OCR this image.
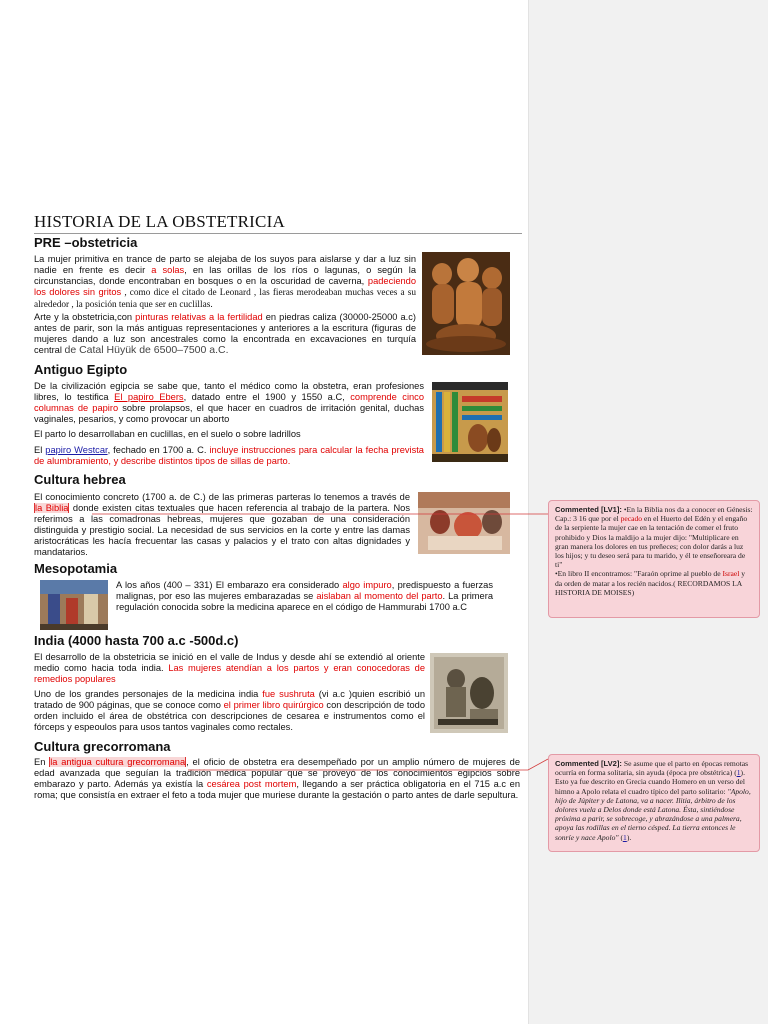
HISTORIA DE LA OBSTETRICIA
PRE –obstetricia

La mujer primitiva en trance de parto se alejaba de los suyos para aislarse y dar a luz sin nadie en frente es decir a solas, en las orillas de los ríos o lagunas, o según la circunstancias, donde encontraban en bosques o en la oscuridad de caverna, padeciendo los dolores sin gritos , como dice el citado de Leonard , las fieras merodeaban muchas veces a su alrededor , la posición tenia que ser en cuclillas.

Arte y la obstetricia,con pinturas relativas a la fertilidad en piedras caliza (30000-25000 a.c) antes de parir, son la más antiguas representaciones y anteriores a la escritura (figuras de mujeres dando a luz son ancestrales como la encontrada en excavaciones en turquía central de Catal Hüyük de 6500–7500 a.C.

Antiguo Egipto

De la civilización egipcia se sabe que, tanto el médico como la obstetra, eran profesiones libres, lo testifica El papiro Ebers, datado entre el 1900 y 1550 a.C, comprende cinco columnas de papiro sobre prolapsos, el que hacer en cuadros de irritación genital, duchas vaginales, pesarios, y como provocar un aborto

El parto lo desarrollaban en cuclillas, en el suelo o sobre ladrillos

El papiro Westcar, fechado en 1700 a. C. incluye instrucciones para calcular la fecha prevista de alumbramiento, y describe distintos tipos de sillas de parto.

Cultura hebrea

El conocimiento concreto (1700 a. de C.) de las primeras parteras lo tenemos a través de la Biblia donde existen citas textuales que hacen referencia al trabajo de la partera. Nos referimos a las comadronas hebreas, mujeres que gozaban de una consideración distinguida y prestigio social. La necesidad de sus servicios en la corte y entre las damas aristocráticas les hacía frecuentar las casas y palacios y el trato con altas dignidades y mandatarios.

Mesopotamia

A los años (400 – 331) El embarazo era considerado algo impuro, predispuesto a fuerzas malignas, por eso las mujeres embarazadas se aislaban al momento del parto. La primera regulación conocida sobre la medicina aparece en el código de Hammurabi 1700 a.C

India (4000 hasta 700 a.c -500d.c)

El desarrollo de la obstetricia se inició en el valle de Indus y desde ahí se extendió al oriente medio como hacia toda india. Las mujeres atendían a los partos y eran conocedoras de remedios populares

Uno de los grandes personajes de la medicina india fue sushruta (vi a.c )quien escribió un tratado de 900 páginas, que se conoce como el primer libro quirúrgico con descripción de todo orden incluido el área de obstétrica con descripciones de cesarea e instrumentos como el fórceps y espeoulos para usos tantos vaginales como rectales.

Cultura grecorromana

En la antigua cultura grecorromana, el oficio de obstetra era desempeñado por un amplio número de mujeres de edad avanzada que seguían la tradición médica popular que se proveyó de los conocimientos egipcios sobre embarazo y parto. Además ya existía la cesárea post mortem, llegando a ser práctica obligatoria en el 715 a.c en roma; que consistía en extraer el feto a toda mujer que muriese durante la gestación o parto antes de darle sepultura.

Commented [LV1]: •En la Biblia nos da a conocer en Génesis: Cap.: 3 16 que por el pecado en el Huerto del Edén y el engaño de la serpiente la mujer cae en la tentación de comer el fruto prohibido y Dios la maldijo a la mujer dijo: "Multiplicare en gran manera los dolores en tus preñeces; con dolor darás a luz los hijos; y tu deseo será para tu marido, y él te enseñoreara de ti"
•En libro II encontramos: "Faraón oprime al pueblo de Israel y da orden de matar a los recién nacidos.( RECORDAMOS LA HISTORIA DE MOISES)
Commented [LV2]: Se asume que el parto en épocas remotas ocurría en forma solitaria, sin ayuda (época pre obstétrica) (1). Esto ya fue descrito en Grecia cuando Homero en un verso del himno a Apolo relata el cuadro típico del parto solitario: "Apolo, hijo de Júpiter y de Latona, va a nacer. Ilitia, árbitro de los dolores vuela a Delos donde está Latona. Ésta, sintiéndose próxima a parir, se sobrecoge, y abrazándose a una palmera, apoya las rodillas en el tierno césped. La tierra entonces le sonríe y nace Apolo" (1).
